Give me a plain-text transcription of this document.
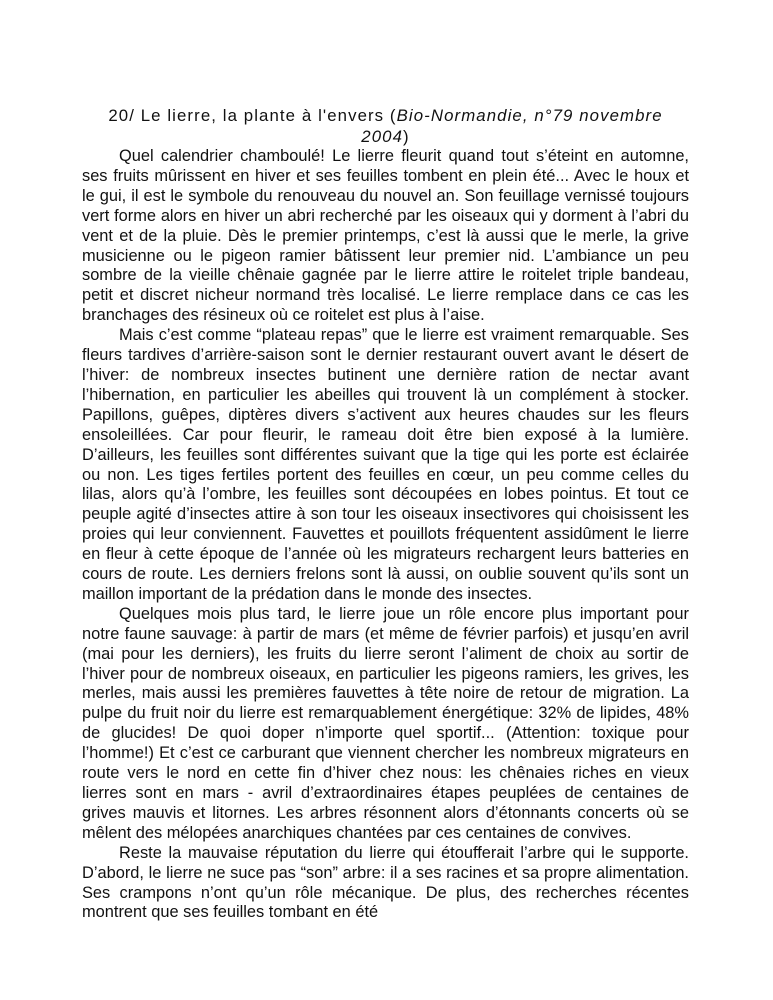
20/ Le lierre, la plante à l'envers (Bio-Normandie, n°79 novembre 2004)

Quel calendrier chamboulé! Le lierre fleurit quand tout s’éteint en automne, ses fruits mûrissent en hiver et ses feuilles tombent en plein été... Avec le houx et le gui, il est le symbole du renouveau du nouvel an. Son feuillage vernissé toujours vert forme alors en hiver un abri recherché par les oiseaux qui y dorment à l’abri du vent et de la pluie. Dès le premier printemps, c’est là aussi que le merle, la grive musicienne ou le pigeon ramier bâtissent leur premier nid. L’ambiance un peu sombre de la vieille chênaie gagnée par le lierre attire le roitelet triple bandeau, petit et discret nicheur normand très localisé. Le lierre remplace dans ce cas les branchages des résineux où ce roitelet est plus à l’aise.

Mais c’est comme “plateau repas” que le lierre est vraiment remarquable. Ses fleurs tardives d’arrière-saison sont le dernier restaurant ouvert avant le désert de l’hiver: de nombreux insectes butinent une dernière ration de nectar avant l’hibernation, en particulier les abeilles qui trouvent là un complément à stocker. Papillons, guêpes, diptères divers s’activent aux heures chaudes sur les fleurs ensoleillées. Car pour fleurir, le rameau doit être bien exposé à la lumière. D’ailleurs, les feuilles sont différentes suivant que la tige qui les porte est éclairée ou non. Les tiges fertiles portent des feuilles en cœur, un peu comme celles du lilas, alors qu’à l’ombre, les feuilles sont découpées en lobes pointus. Et tout ce peuple agité d’insectes attire à son tour les oiseaux insectivores qui choisissent les proies qui leur conviennent. Fauvettes et pouillots fréquentent assidûment le lierre en fleur à cette époque de l’année où les migrateurs rechargent leurs batteries en cours de route. Les derniers frelons sont là aussi, on oublie souvent qu’ils sont un maillon important de la prédation dans le monde des insectes.

Quelques mois plus tard, le lierre joue un rôle encore plus important pour notre faune sauvage: à partir de mars (et même de février parfois) et jusqu’en avril (mai pour les derniers), les fruits du lierre seront l’aliment de choix au sortir de l’hiver pour de nombreux oiseaux, en particulier les pigeons ramiers, les grives, les merles, mais aussi les premières fauvettes à tête noire de retour de migration. La pulpe du fruit noir du lierre est remarquablement énergétique: 32% de lipides, 48% de glucides! De quoi doper n’importe quel sportif... (Attention: toxique pour l’homme!) Et c’est ce carburant que viennent chercher les nombreux migrateurs en route vers le nord en cette fin d’hiver chez nous: les chênaies riches en vieux lierres sont en mars - avril d’extraordinaires étapes peuplées de centaines de grives mauvis et litornes. Les arbres résonnent alors d’étonnants concerts où se mêlent des mélopées anarchiques chantées par ces centaines de convives.

Reste la mauvaise réputation du lierre qui étoufferait l’arbre qui le supporte. D’abord, le lierre ne suce pas “son” arbre: il a ses racines et sa propre alimentation. Ses crampons n’ont qu’un rôle mécanique. De plus, des recherches récentes montrent que ses feuilles tombant en été
